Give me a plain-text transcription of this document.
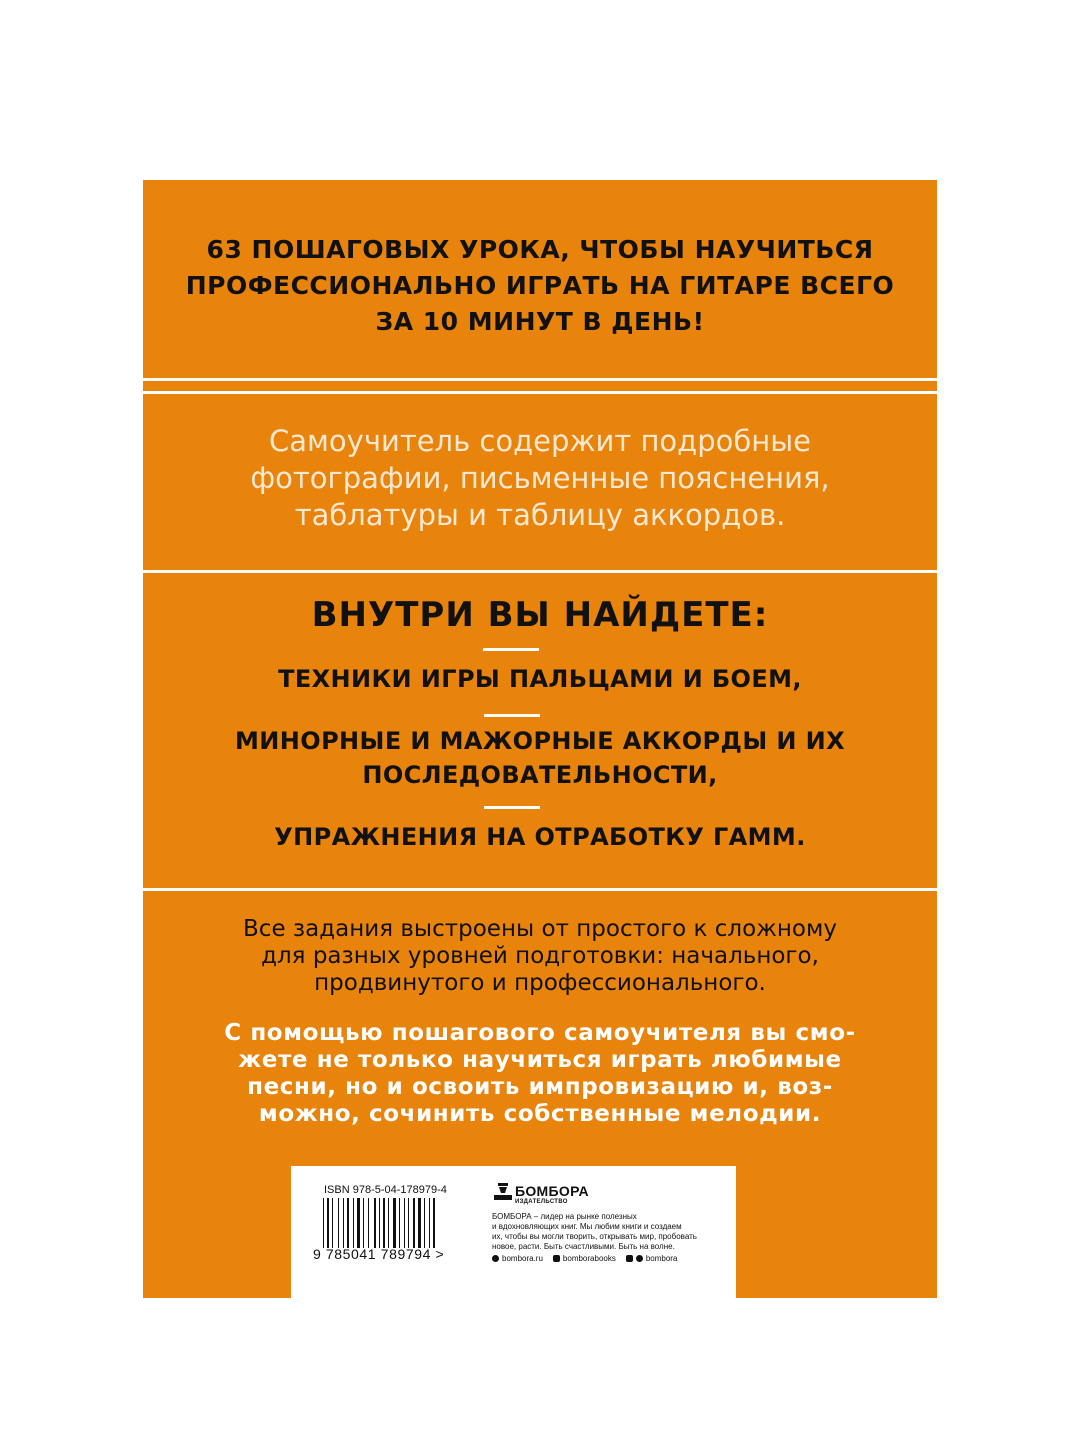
63 ПОШАГОВЫХ УРОКА, ЧТОБЫ НАУЧИТЬСЯ
ПРОФЕССИОНАЛЬНО ИГРАТЬ НА ГИТАРЕ ВСЕГО
ЗА 10 МИНУТ В ДЕНЬ!

Самоучитель содержит подробные
фотографии, письменные пояснения,
таблатуры и таблицу аккордов.

ВНУТРИ ВЫ НАЙДЕТЕ:

ТЕХНИКИ ИГРЫ ПАЛЬЦАМИ И БОЕМ,

МИНОРНЫЕ И МАЖОРНЫЕ АККОРДЫ И ИХ
ПОСЛЕДОВАТЕЛЬНОСТИ,

УПРАЖНЕНИЯ НА ОТРАБОТКУ ГАММ.

Все задания выстроены от простого к сложному
для разных уровней подготовки: начального,
продвинутого и профессионального.

С помощью пошагового самоучителя вы смо-
жете не только научиться играть любимые
песни, но и освоить импровизацию и, воз-
можно, сочинить собственные мелодии.

ISBN 978-5-04-178979-4
9 785041 789794 >
БОМБОРА
ИЗДАТЕЛЬСТВО

БОМБОРА – лидер на рынке полезных
и вдохновляющих книг. Мы любим книги и создаем
их, чтобы вы могли творить, открывать мир, пробовать
новое, расти. Быть счастливыми. Быть на волне.

bombora.ru	bomborabooks	bombora
